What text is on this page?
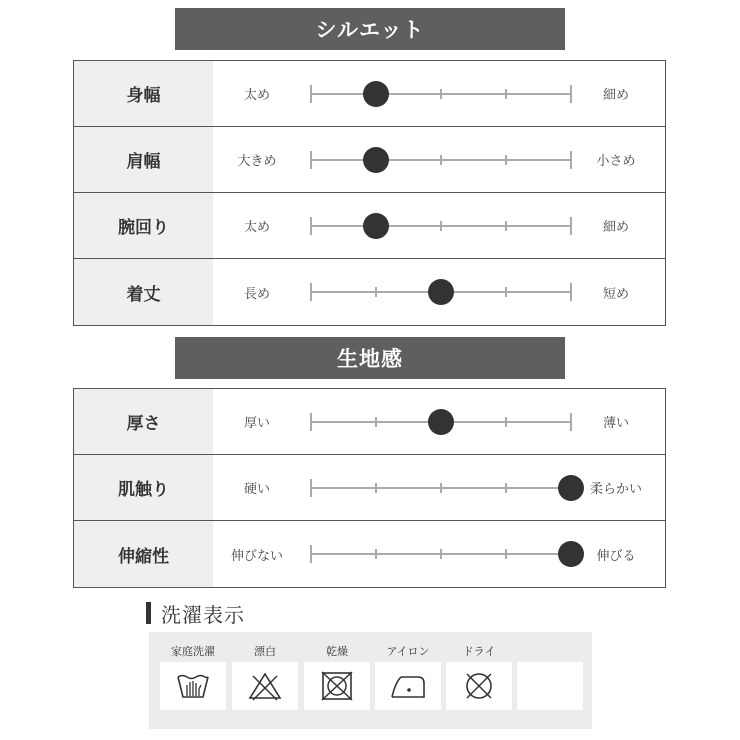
シルエット
身幅	太め	細め
肩幅	大きめ	小さめ
腕回り	太め	細め
着丈	長め	短め
生地感
厚さ	厚い	薄い
肌触り	硬い	柔らかい
伸縮性	伸びない	伸びる
洗濯表示
家庭洗濯	漂白	乾燥	アイロン	ドライ
